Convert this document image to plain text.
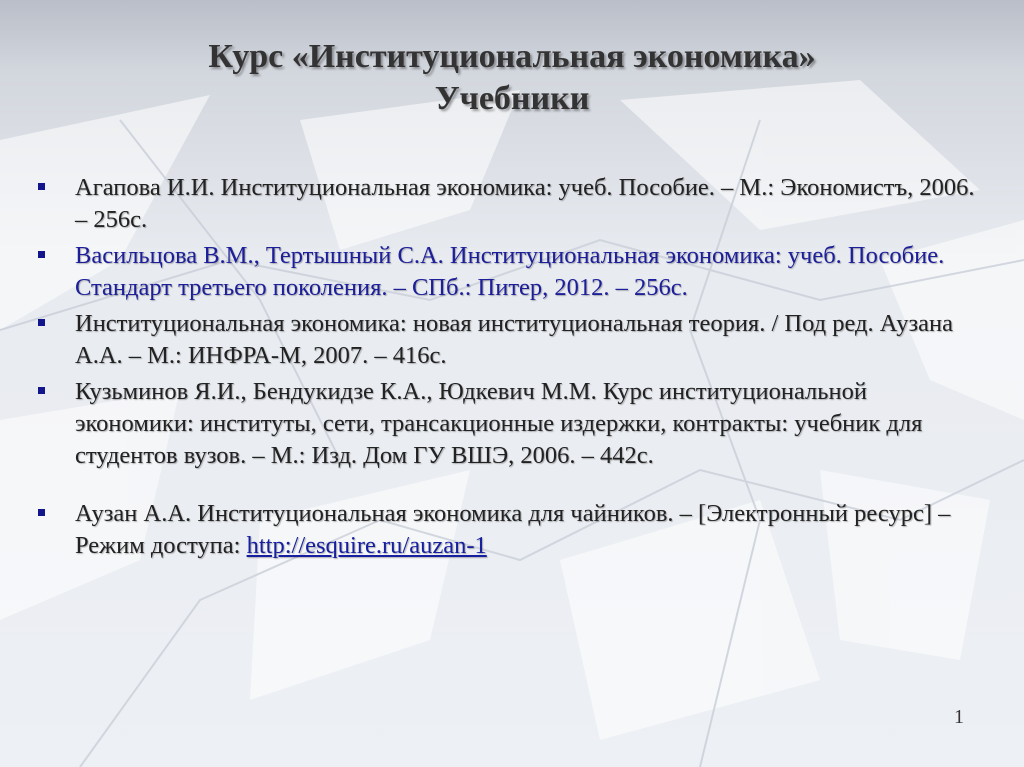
Курс «Институциональная экономика»
Учебники
Агапова И.И. Институциональная экономика: учеб. Пособие. – М.: Экономистъ, 2006. – 256с.
Васильцова В.М., Тертышный С.А. Институциональная экономика: учеб. Пособие. Стандарт третьего поколения. – СПб.: Питер, 2012. – 256с.
Институциональная экономика: новая институциональная теория. / Под ред. Аузана А.А. – М.: ИНФРА-М, 2007. – 416с.
Кузьминов Я.И., Бендукидзе К.А., Юдкевич М.М. Курс институциональной экономики: институты, сети, трансакционные издержки, контракты: учебник для студентов вузов. – М.: Изд. Дом ГУ ВШЭ, 2006. – 442с.
Аузан А.А. Институциональная экономика для чайников. – [Электронный ресурс] – Режим доступа: http://esquire.ru/auzan-1
1
